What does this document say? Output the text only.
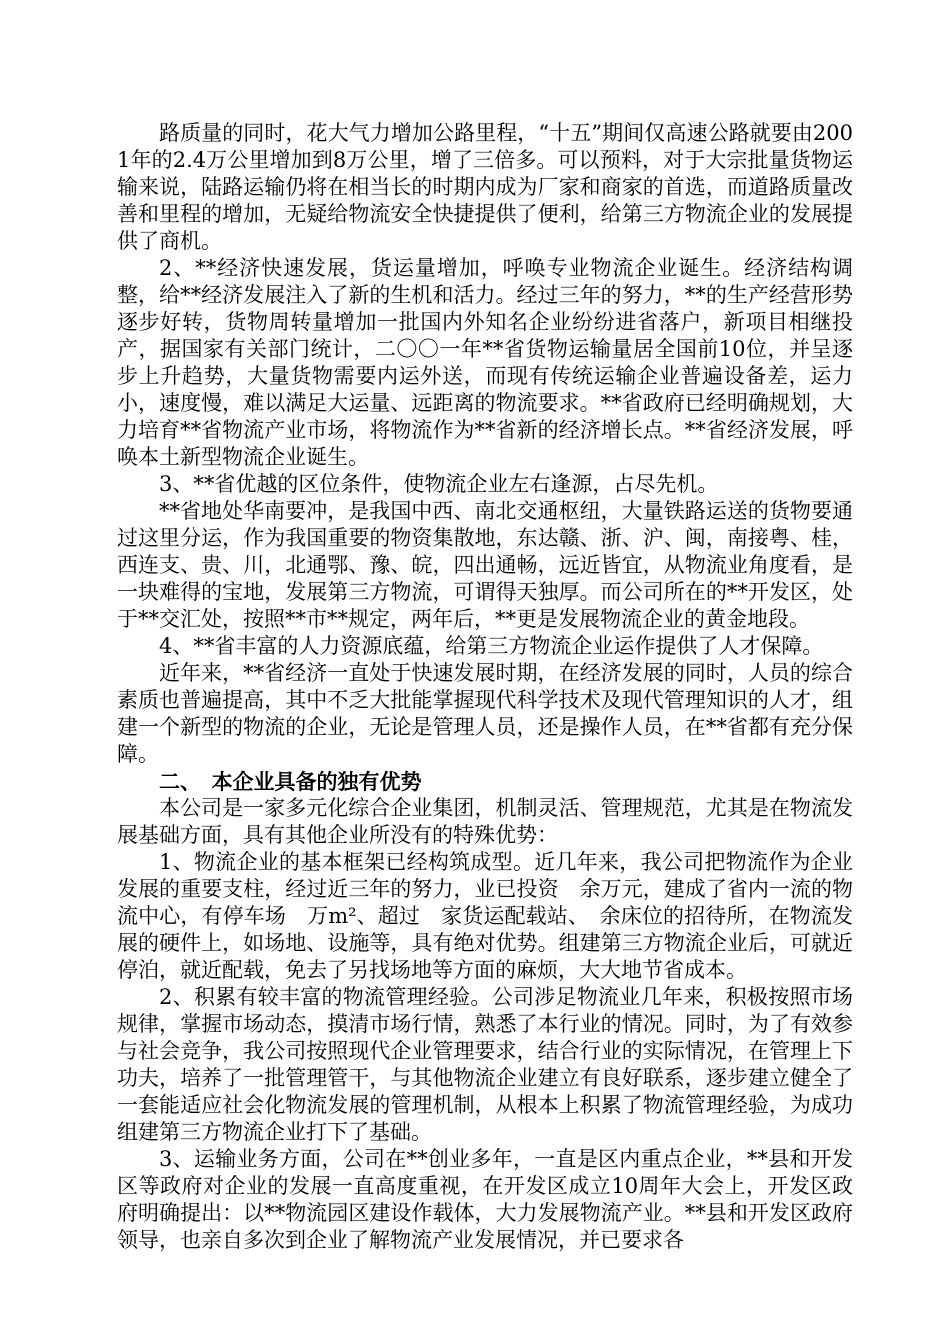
路质量的同时，花大气力增加公路里程，“十五”期间仅高速公路就要由2001年的2.4万公里增加到8万公里，增了三倍多。可以预料，对于大宗批量货物运输来说，陆路运输仍将在相当长的时期内成为厂家和商家的首选，而道路质量改善和里程的增加，无疑给物流安全快捷提供了便利，给第三方物流企业的发展提供了商机。

2、**经济快速发展，货运量增加，呼唤专业物流企业诞生。经济结构调整，给**经济发展注入了新的生机和活力。经过三年的努力，**的生产经营形势逐步好转，货物周转量增加一批国内外知名企业纷纷进省落户，新项目相继投产，据国家有关部门统计，二〇〇一年**省货物运输量居全国前10位，并呈逐步上升趋势，大量货物需要内运外送，而现有传统运输企业普遍设备差，运力小，速度慢，难以满足大运量、远距离的物流要求。**省政府已经明确规划，大力培育**省物流产业市场，将物流作为**省新的经济增长点。**省经济发展，呼唤本土新型物流企业诞生。

3、**省优越的区位条件，使物流企业左右逢源，占尽先机。

**省地处华南要冲，是我国中西、南北交通枢纽，大量铁路运送的货物要通过这里分运，作为我国重要的物资集散地，东达赣、浙、沪、闽，南接粤、桂，西连支、贵、川，北通鄂、豫、皖，四出通畅，远近皆宜，从物流业角度看，是一块难得的宝地，发展第三方物流，可谓得天独厚。而公司所在的**开发区，处于**交汇处，按照**市**规定，两年后，**更是发展物流企业的黄金地段。

4、**省丰富的人力资源底蕴，给第三方物流企业运作提供了人才保障。

近年来，**省经济一直处于快速发展时期，在经济发展的同时，人员的综合素质也普遍提高，其中不乏大批能掌握现代科学技术及现代管理知识的人才，组建一个新型的物流的企业，无论是管理人员，还是操作人员，在**省都有充分保障。

二、　本企业具备的独有优势

本公司是一家多元化综合企业集团，机制灵活、管理规范，尤其是在物流发展基础方面，具有其他企业所没有的特殊优势：

1、物流企业的基本框架已经构筑成型。近几年来，我公司把物流作为企业发展的重要支柱，经过近三年的努力，业已投资　余万元，建成了省内一流的物流中心，有停车场　万m²、超过　家货运配载站、　余床位的招待所，在物流发展的硬件上，如场地、设施等，具有绝对优势。组建第三方物流企业后，可就近停泊，就近配载，免去了另找场地等方面的麻烦，大大地节省成本。

2、积累有较丰富的物流管理经验。公司涉足物流业几年来，积极按照市场规律，掌握市场动态，摸清市场行情，熟悉了本行业的情况。同时，为了有效参与社会竞争，我公司按照现代企业管理要求，结合行业的实际情况，在管理上下功夫，培养了一批管理管干，与其他物流企业建立有良好联系，逐步建立健全了一套能适应社会化物流发展的管理机制，从根本上积累了物流管理经验，为成功组建第三方物流企业打下了基础。

3、运输业务方面，公司在**创业多年，一直是区内重点企业，**县和开发区等政府对企业的发展一直高度重视，在开发区成立10周年大会上，开发区政府明确提出：以**物流园区建设作载体，大力发展物流产业。**县和开发区政府领导，也亲自多次到企业了解物流产业发展情况，并已要求各
